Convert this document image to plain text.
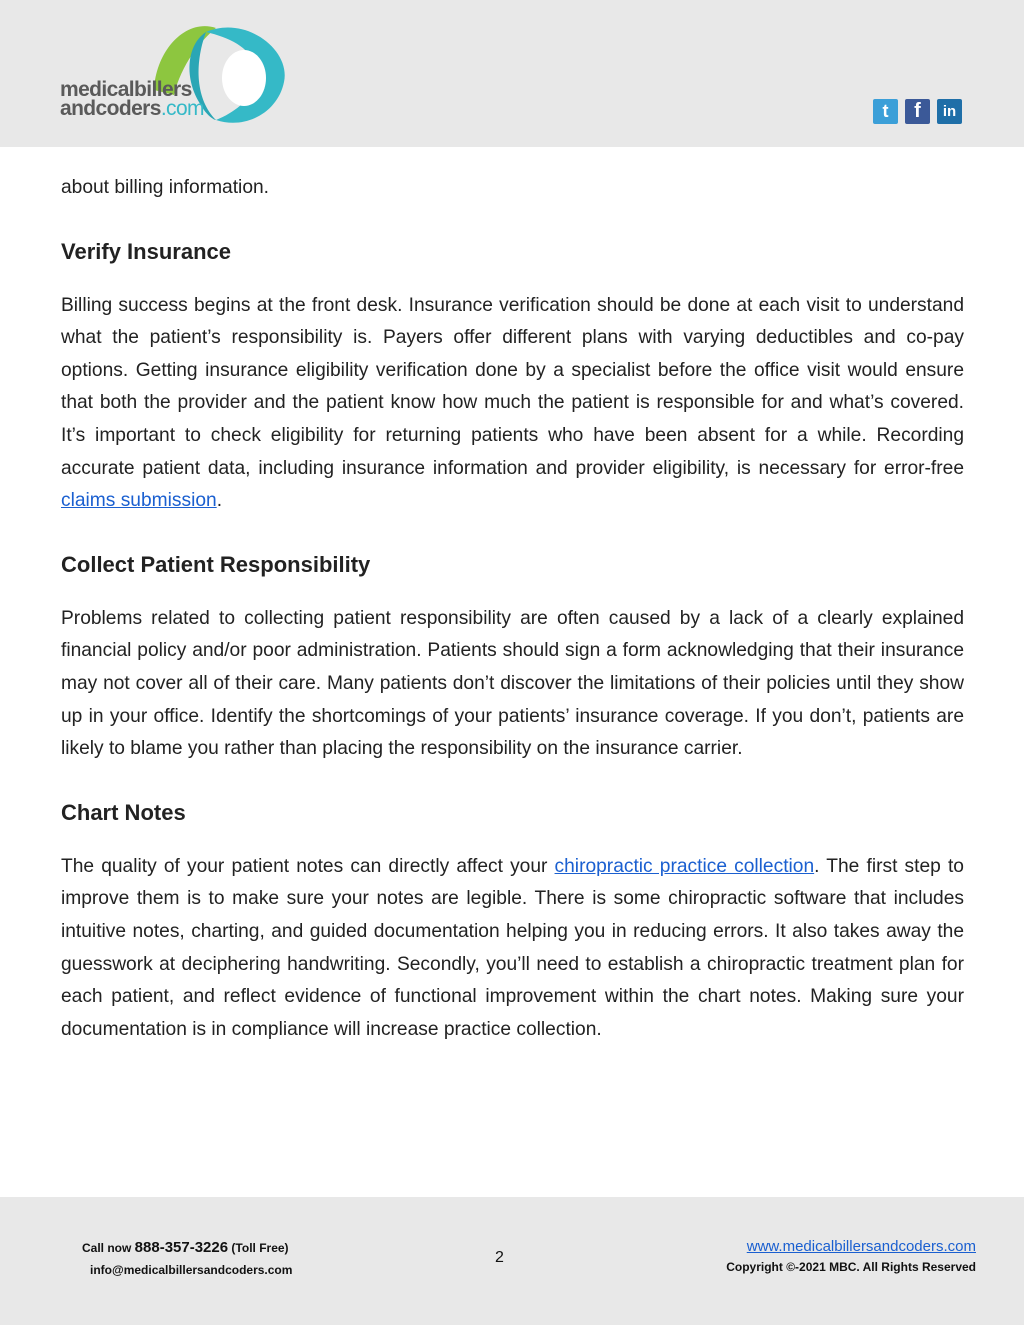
medicalbillers
andcoders.com	t	f	in

about billing information.

Verify Insurance

Billing success begins at the front desk. Insurance verification should be done at each visit to understand what the patient’s responsibility is. Payers offer different plans with varying deductibles and co-pay options. Getting insurance eligibility verification done by a specialist before the office visit would ensure that both the provider and the patient know how much the patient is responsible for and what’s covered. It’s important to check eligibility for returning patients who have been absent for a while. Recording accurate patient data, including insurance information and provider eligibility, is necessary for error-free claims submission.

Collect Patient Responsibility

Problems related to collecting patient responsibility are often caused by a lack of a clearly explained financial policy and/or poor administration. Patients should sign a form acknowledging that their insurance may not cover all of their care. Many patients don’t discover the limitations of their policies until they show up in your office. Identify the shortcomings of your patients’ insurance coverage. If you don’t, patients are likely to blame you rather than placing the responsibility on the insurance carrier.

Chart Notes

The quality of your patient notes can directly affect your chiropractic practice collection. The first step to improve them is to make sure your notes are legible. There is some chiropractic software that includes intuitive notes, charting, and guided documentation helping you in reducing errors. It also takes away the guesswork at deciphering handwriting. Secondly, you’ll need to establish a chiropractic treatment plan for each patient, and reflect evidence of functional improvement within the chart notes. Making sure your documentation is in compliance will increase practice collection.

Call now 888-357-3226 (Toll Free)
info@medicalbillersandcoders.com
2
www.medicalbillersandcoders.com
Copyright ©-2021 MBC. All Rights Reserved
